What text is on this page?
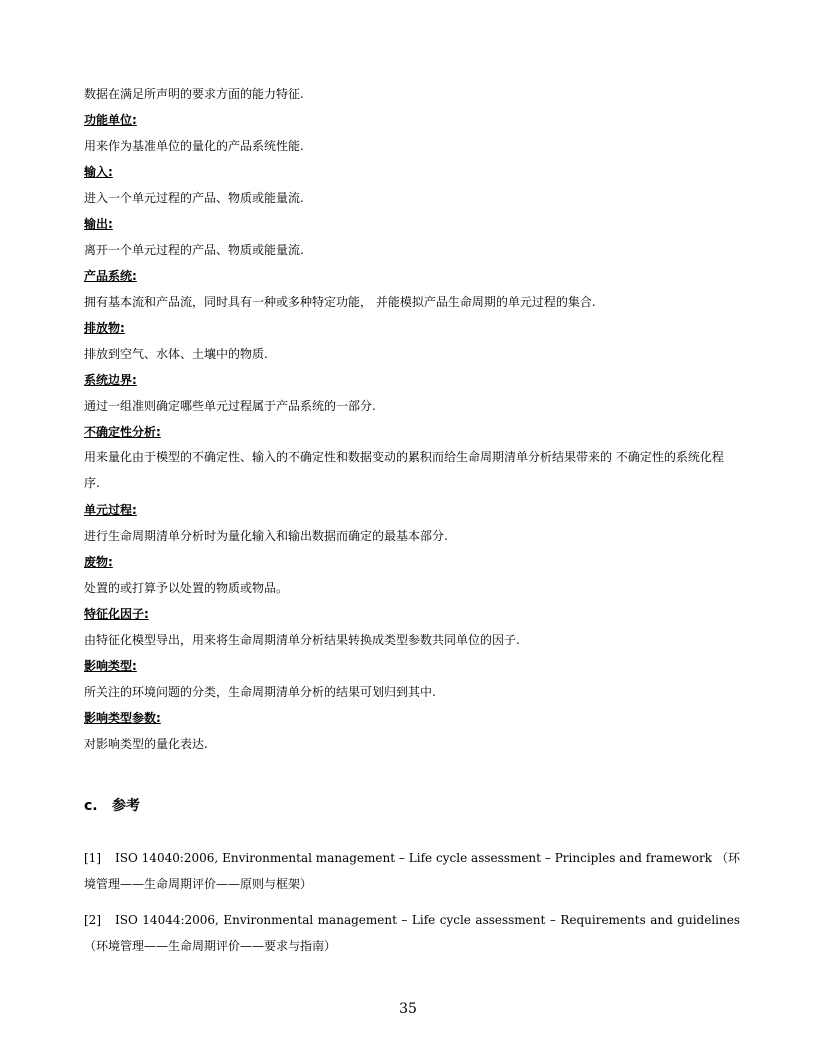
数据在满足所声明的要求方面的能力特征.

功能单位:

用来作为基准单位的量化的产品系统性能.

输入:

进入一个单元过程的产品、物质或能量流.

输出:

离开一个单元过程的产品、物质或能量流.

产品系统:

拥有基本流和产品流，同时具有一种或多种特定功能， 并能模拟产品生命周期的单元过程的集合.

排放物:

排放到空气、水体、土壤中的物质.

系统边界:

通过一组准则确定哪些单元过程属于产品系统的一部分.

不确定性分析:

用来量化由于模型的不确定性、输入的不确定性和数据变动的累积而给生命周期清单分析结果带来的 不确定性的系统化程序.

单元过程:

进行生命周期清单分析时为量化输入和输出数据而确定的最基本部分.

废物:

处置的或打算予以处置的物质或物品。

特征化因子:

由特征化模型导出，用来将生命周期清单分析结果转换成类型参数共同单位的因子.

影响类型:

所关注的环境问题的分类，生命周期清单分析的结果可划归到其中.

影响类型参数:

对影响类型的量化表达.

c. 参考

[1] ISO 14040:2006, Environmental management – Life cycle assessment – Principles and framework （环境管理——生命周期评价——原则与框架）

[2] ISO 14044:2006, Environmental management – Life cycle assessment – Requirements and guidelines （环境管理——生命周期评价——要求与指南）

35
